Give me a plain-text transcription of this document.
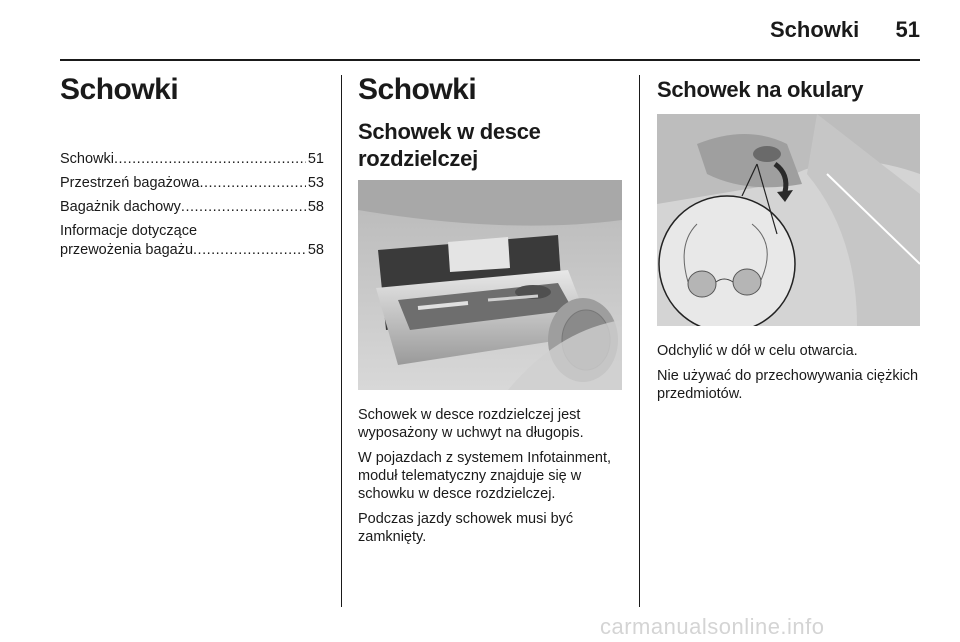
Schowki	51
Schowki
Schowki .....	51
Przestrzeń bagażowa .....	53
Bagażnik dachowy .....	58
Informacje dotyczące
przewożenia bagażu .....	58
Schowki
Schowek w desce rozdzielczej

Schowek w desce rozdzielczej jest wyposażony w uchwyt na długopis.

W pojazdach z systemem Infotainment, moduł telematyczny znajduje się w schowku w desce rozdzielczej.

Podczas jazdy schowek musi być zamknięty.

Schowek na okulary

Odchylić w dół w celu otwarcia.

Nie używać do przechowywania ciężkich przedmiotów.

carmanualsonline.info
